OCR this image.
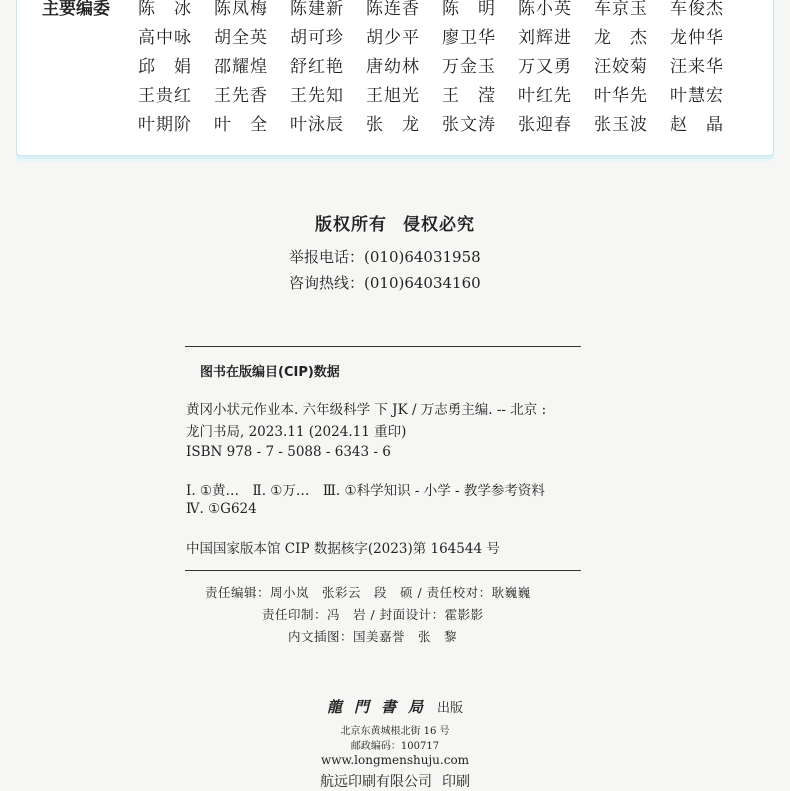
主要编委 陈　冰	陈凤梅	陈建新	陈连香	陈　明	陈小英	车京玉	车俊杰
高中咏	胡全英	胡可珍	胡少平	廖卫华	刘辉进	龙　杰	龙仲华
邱　娟	邵耀煌	舒红艳	唐幼林	万金玉	万又勇	汪姣菊	汪来华
王贵红	王先香	王先知	王旭光	王　滢	叶红先	叶华先	叶慧宏
叶期阶	叶　全	叶泳辰	张　龙	张文涛	张迎春	张玉波	赵　晶
版权所有 侵权必究
举报电话：(010)64031958
咨询热线：(010)64034160
图书在版编目(CIP)数据
黄冈小状元作业本. 六年级科学 下 JK / 万志勇主编. -- 北京 :
龙门书局, 2023.11 (2024.11 重印)
ISBN 978 - 7 - 5088 - 6343 - 6
Ⅰ. ①黄…　Ⅱ. ①万…　Ⅲ. ①科学知识 - 小学 - 教学参考资料
Ⅳ. ①G624
中国国家版本馆 CIP 数据核字(2023)第 164544 号
责任编辑：周小岚　张彩云　段　硕 / 责任校对：耿巍巍
责任印制：冯　岩 / 封面设计：霍影影
内文插图：国美嘉誉　张　黎
龍門書局 出版
北京东黄城根北街 16 号
邮政编码：100717
www.longmenshuju.com
航远印刷有限公司 印刷
